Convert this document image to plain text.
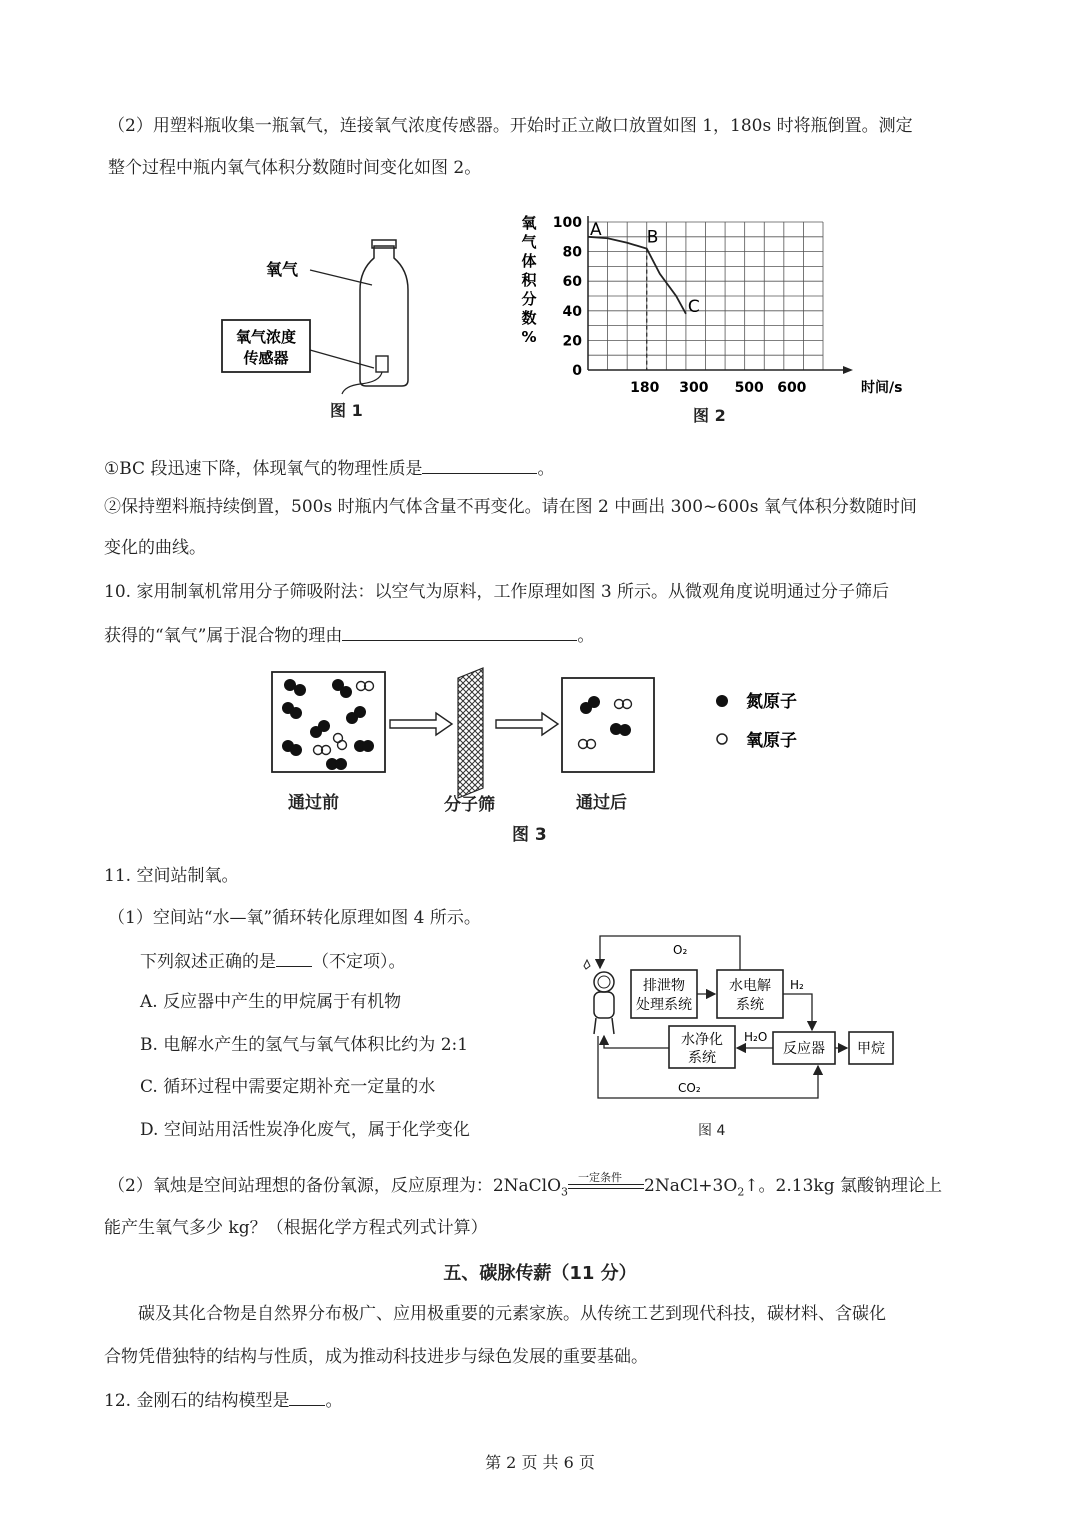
（2）用塑料瓶收集一瓶氧气，连接氧气浓度传感器。开始时正立敞口放置如图 1，180s 时将瓶倒置。测定
整个过程中瓶内氧气体积分数随时间变化如图 2。
氧气
氧气浓度
传感器
图 1
0
20
40
60
80
100
180 300 500 600	时间/s
氧
气
体
积
分
数
%
A	B
C
图 2
①BC 段迅速下降，体现氧气的物理性质是	。
②保持塑料瓶持续倒置，500s 时瓶内气体含量不再变化。请在图 2 中画出 300~600s 氧气体积分数随时间
变化的曲线。
10. 家用制氧机常用分子筛吸附法：以空气为原料，工作原理如图 3 所示。从微观角度说明通过分子筛后
获得的“氧气”属于混合物的理由	。
氮原子
氧原子
通过前	分子筛	通过后
图 3
11. 空间站制氧。
（1）空间站“水—氧”循环转化原理如图 4 所示。
下列叙述正确的是 （不定项）。
A. 反应器中产生的甲烷属于有机物
B. 电解水产生的氢气与氧气体积比约为 2:1
C. 循环过程中需要定期补充一定量的水
D. 空间站用活性炭净化废气，属于化学变化
排泄物
处理系统
水电解
系统
水净化
系统
反应器 甲烷
O₂
H₂
H₂O
CO₂
图 4
（2）氧烛是空间站理想的备份氧源，反应原理为：2NaClO$_3$
一定条件 $2NaCl+3O_2↑$。2.13kg 氯酸钠理论上
能产生氧气多少 kg？（根据化学方程式列式计算）
五、碳脉传薪（11 分）
碳及其化合物是自然界分布极广、应用极重要的元素家族。从传统工艺到现代科技，碳材料、含碳化
合物凭借独特的结构与性质，成为推动科技进步与绿色发展的重要基础。
12. 金刚石的结构模型是 。
第 2 页 共 6 页
